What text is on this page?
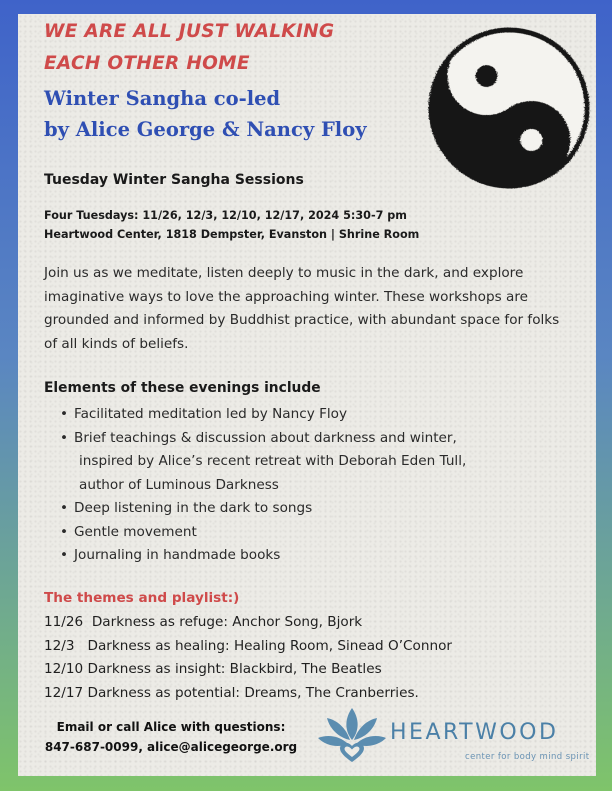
WE ARE ALL JUST WALKING
EACH OTHER HOME
Winter Sangha co-led
by Alice George & Nancy Floy
Tuesday Winter Sangha Sessions
Four Tuesdays: 11/26, 12/3, 12/10, 12/17, 2024 5:30-7 pm
Heartwood Center, 1818 Dempster, Evanston | Shrine Room
Join us as we meditate, listen deeply to music in the dark, and explore imaginative ways to love the approaching winter. These workshops are grounded and informed by Buddhist practice, with abundant space for folks of all kinds of beliefs.
Elements of these evenings include
• Facilitated meditation led by Nancy Floy
• Brief teachings & discussion about darkness and winter,
inspired by Alice’s recent retreat with Deborah Eden Tull,
author of Luminous Darkness
• Deep listening in the dark to songs
• Gentle movement
• Journaling in handmade books
The themes and playlist:)
11/26  Darkness as refuge: Anchor Song, Bjork
12/3   Darkness as healing: Healing Room, Sinead O’Connor
12/10 Darkness as insight: Blackbird, The Beatles
12/17 Darkness as potential: Dreams, The Cranberries.
Email or call Alice with questions:
847-687-0099, alice@alicegeorge.org
HEARTWOOD
center for body mind spirit
